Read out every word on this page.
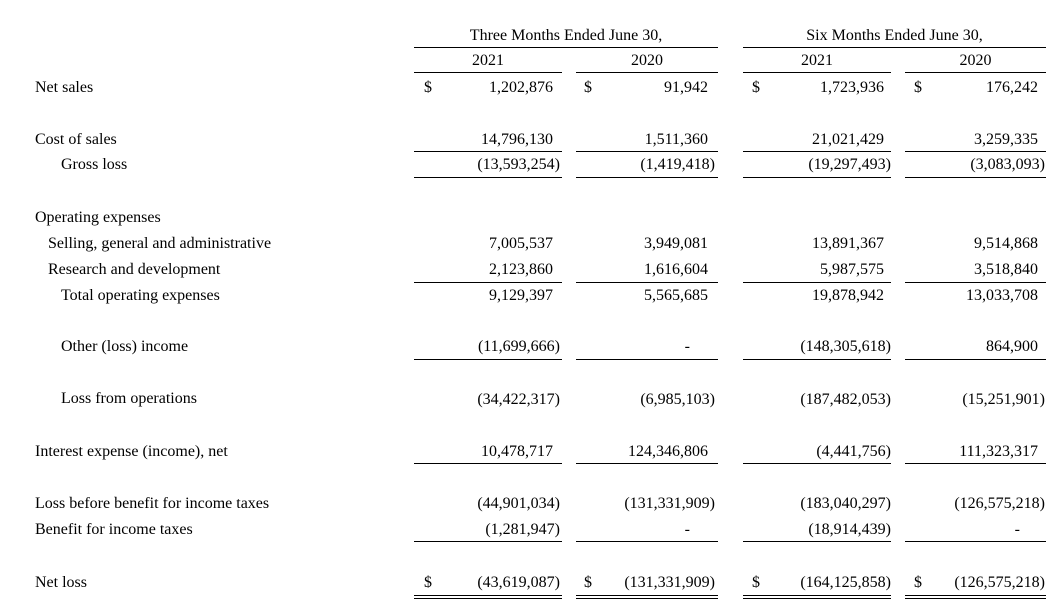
Three Months Ended June 30,	Six Months Ended June 30,
2021	2020	2021	2020
Net sales	$	1,202,876 $	91,942	$	1,723,936 $	176,242
Cost of sales	14,796,130	1,511,360	21,021,429	3,259,335
Gross loss	(13,593,254)	(1,419,418)	(19,297,493)	(3,083,093)
Operating expenses
Selling, general and administrative	7,005,537	3,949,081	13,891,367	9,514,868
Research and development	2,123,860	1,616,604	5,987,575	3,518,840
Total operating expenses	9,129,397	5,565,685	19,878,942	13,033,708
Other (loss) income	(11,699,666)	-	(148,305,618)	864,900
Loss from operations	(34,422,317)	(6,985,103)	(187,482,053)	(15,251,901)
Interest expense (income), net	10,478,717	124,346,806	(4,441,756)	111,323,317
Loss before benefit for income taxes	(44,901,034)	(131,331,909)	(183,040,297)	(126,575,218)
Benefit for income taxes	(1,281,947)	-	(18,914,439)	-
Net loss	$	(43,619,087) $	(131,331,909) $	(164,125,858) $	(126,575,218)
